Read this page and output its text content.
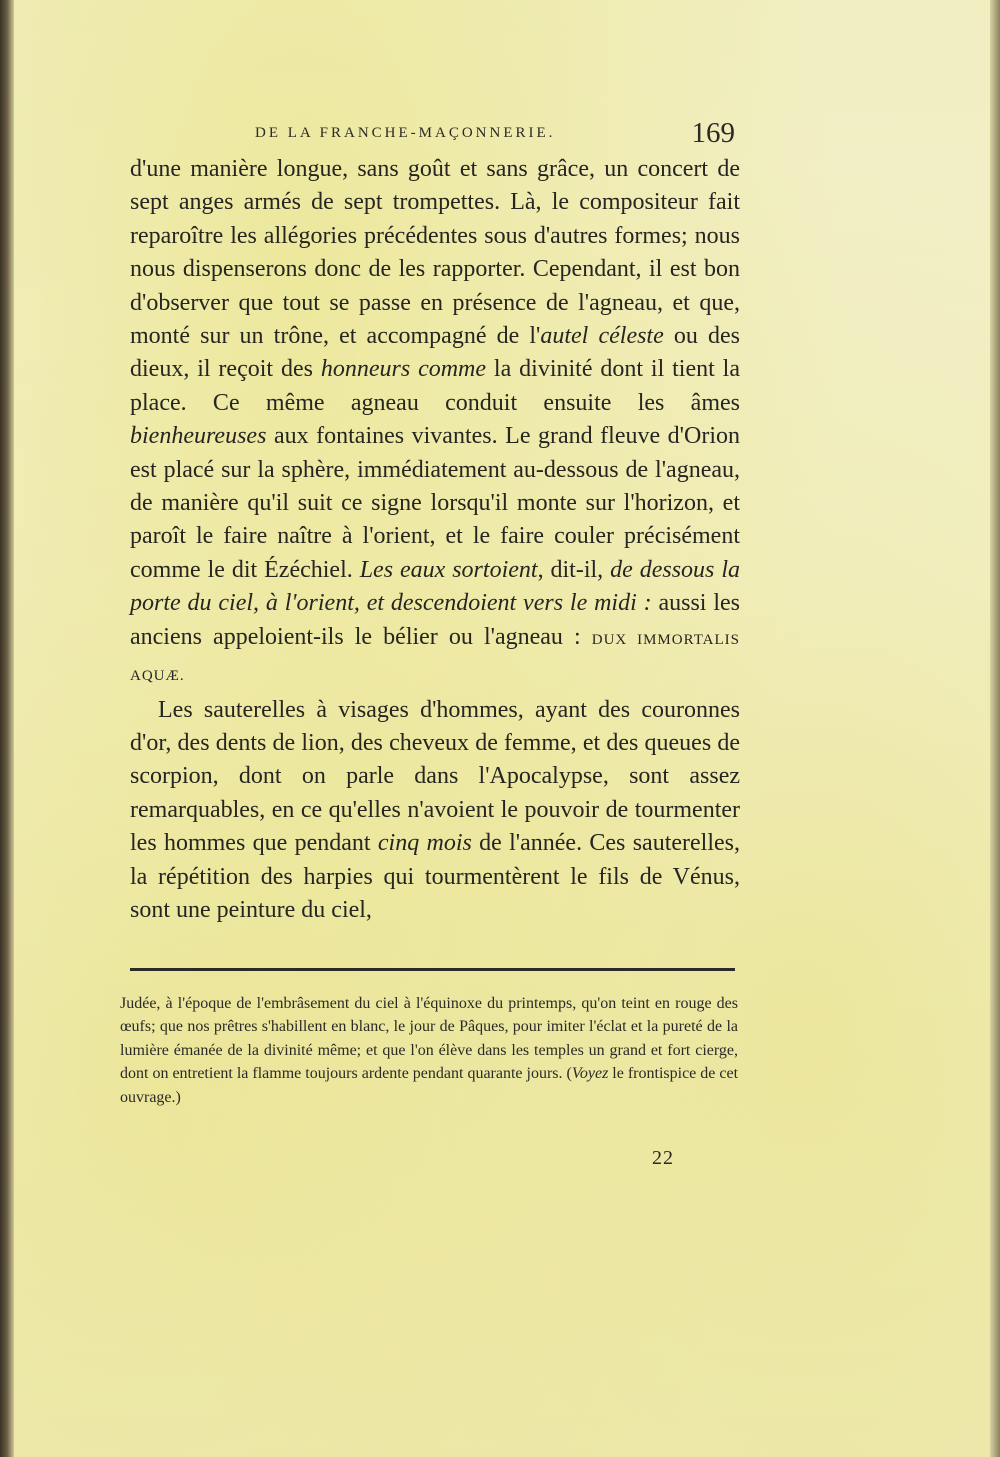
DE LA FRANCHE-MAÇONNERIE.	169

d'une manière longue, sans goût et sans grâce, un concert de sept anges armés de sept trompettes. Là, le compositeur fait reparoître les allégories précédentes sous d'autres formes; nous nous dispenserons donc de les rapporter. Cependant, il est bon d'observer que tout se passe en présence de l'agneau, et que, monté sur un trône, et accompagné de l'autel céleste ou des dieux, il reçoit des honneurs comme la divinité dont il tient la place. Ce même agneau conduit ensuite les âmes bienheureuses aux fontaines vivantes. Le grand fleuve d'Orion est placé sur la sphère, immédiatement au-dessous de l'agneau, de manière qu'il suit ce signe lorsqu'il monte sur l'horizon, et paroît le faire naître à l'orient, et le faire couler précisément comme le dit Ézéchiel. Les eaux sortoient, dit-il, de dessous la porte du ciel, à l'orient, et descendoient vers le midi : aussi les anciens appeloient-ils le bélier ou l'agneau : DUX IMMORTALIS AQUÆ.

Les sauterelles à visages d'hommes, ayant des couronnes d'or, des dents de lion, des cheveux de femme, et des queues de scorpion, dont on parle dans l'Apocalypse, sont assez remarquables, en ce qu'elles n'avoient le pouvoir de tourmenter les hommes que pendant cinq mois de l'année. Ces sauterelles, la répétition des harpies qui tourmentèrent le fils de Vénus, sont une peinture du ciel,

Judée, à l'époque de l'embrâsement du ciel à l'équinoxe du printemps, qu'on teint en rouge des œufs; que nos prêtres s'habillent en blanc, le jour de Pâques, pour imiter l'éclat et la pureté de la lumière émanée de la divinité même; et que l'on élève dans les temples un grand et fort cierge, dont on entretient la flamme toujours ardente pendant quarante jours. (Voyez le frontispice de cet ouvrage.)

22
